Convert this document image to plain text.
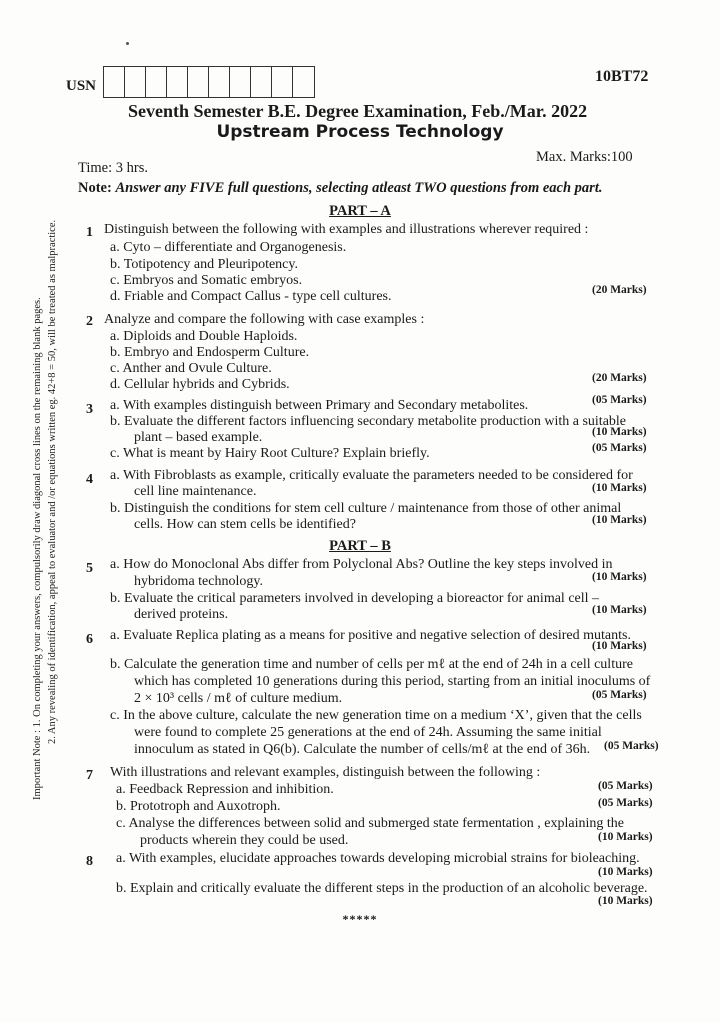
USN
10BT72
Seventh Semester B.E. Degree Examination, Feb./Mar. 2022
Upstream Process Technology
Time: 3 hrs.
Max. Marks:100
Note: Answer any FIVE full questions, selecting atleast TWO questions from each part.
Important Note : 1. On completing your answers, compulsorily draw diagonal cross lines on the remaining blank pages. 2. Any revealing of identification, appeal to evaluator and /or equations written eg. 42+8 = 50, will be treated as malpractice.
PART – A
1 Distinguish between the following with examples and illustrations wherever required :
a. Cyto – differentiate and Organogenesis.
b. Totipotency and Pleuripotency.
c. Embryos and Somatic embryos.
d. Friable and Compact Callus - type cell cultures.	(20 Marks)
2 Analyze and compare the following with case examples :
a. Diploids and Double Haploids.
b. Embryo and Endosperm Culture.
c. Anther and Ovule Culture.
d. Cellular hybrids and Cybrids.	(20 Marks)
3 a. With examples distinguish between Primary and Secondary metabolites.	(05 Marks)
b. Evaluate the different factors influencing secondary metabolite production with a suitable
plant – based example.	(10 Marks)
c. What is meant by Hairy Root Culture? Explain briefly.	(05 Marks)
4 a. With Fibroblasts as example, critically evaluate the parameters needed to be considered for
cell line maintenance.	(10 Marks)
b. Distinguish the conditions for stem cell culture / maintenance from those of other animal
cells. How can stem cells be identified?	(10 Marks)
PART – B
5 a. How do Monoclonal Abs differ from Polyclonal Abs? Outline the key steps involved in
hybridoma technology.	(10 Marks)
b. Evaluate the critical parameters involved in developing a bioreactor for animal cell –
derived proteins.	(10 Marks)
6 a. Evaluate Replica plating as a means for positive and negative selection of desired mutants.
(10 Marks)
b. Calculate the generation time and number of cells per mℓ at the end of 24h in a cell culture
which has completed 10 generations during this period, starting from an initial inoculums of
2 × 10³ cells / mℓ of culture medium.	(05 Marks)
c. In the above culture, calculate the new generation time on a medium ‘X’, given that the cells
were found to complete 25 generations at the end of 24h. Assuming the same initial
innoculum as stated in Q6(b). Calculate the number of cells/mℓ at the end of 36h. (05 Marks)
7 With illustrations and relevant examples, distinguish between the following :
a. Feedback Repression and inhibition.	(05 Marks)
b. Prototroph and Auxotroph.	(05 Marks)
c. Analyse the differences between solid and submerged state fermentation , explaining the
products wherein they could be used.	(10 Marks)
8 a. With examples, elucidate approaches towards developing microbial strains for bioleaching.
(10 Marks)
b. Explain and critically evaluate the different steps in the production of an alcoholic beverage.
(10 Marks)
*****
